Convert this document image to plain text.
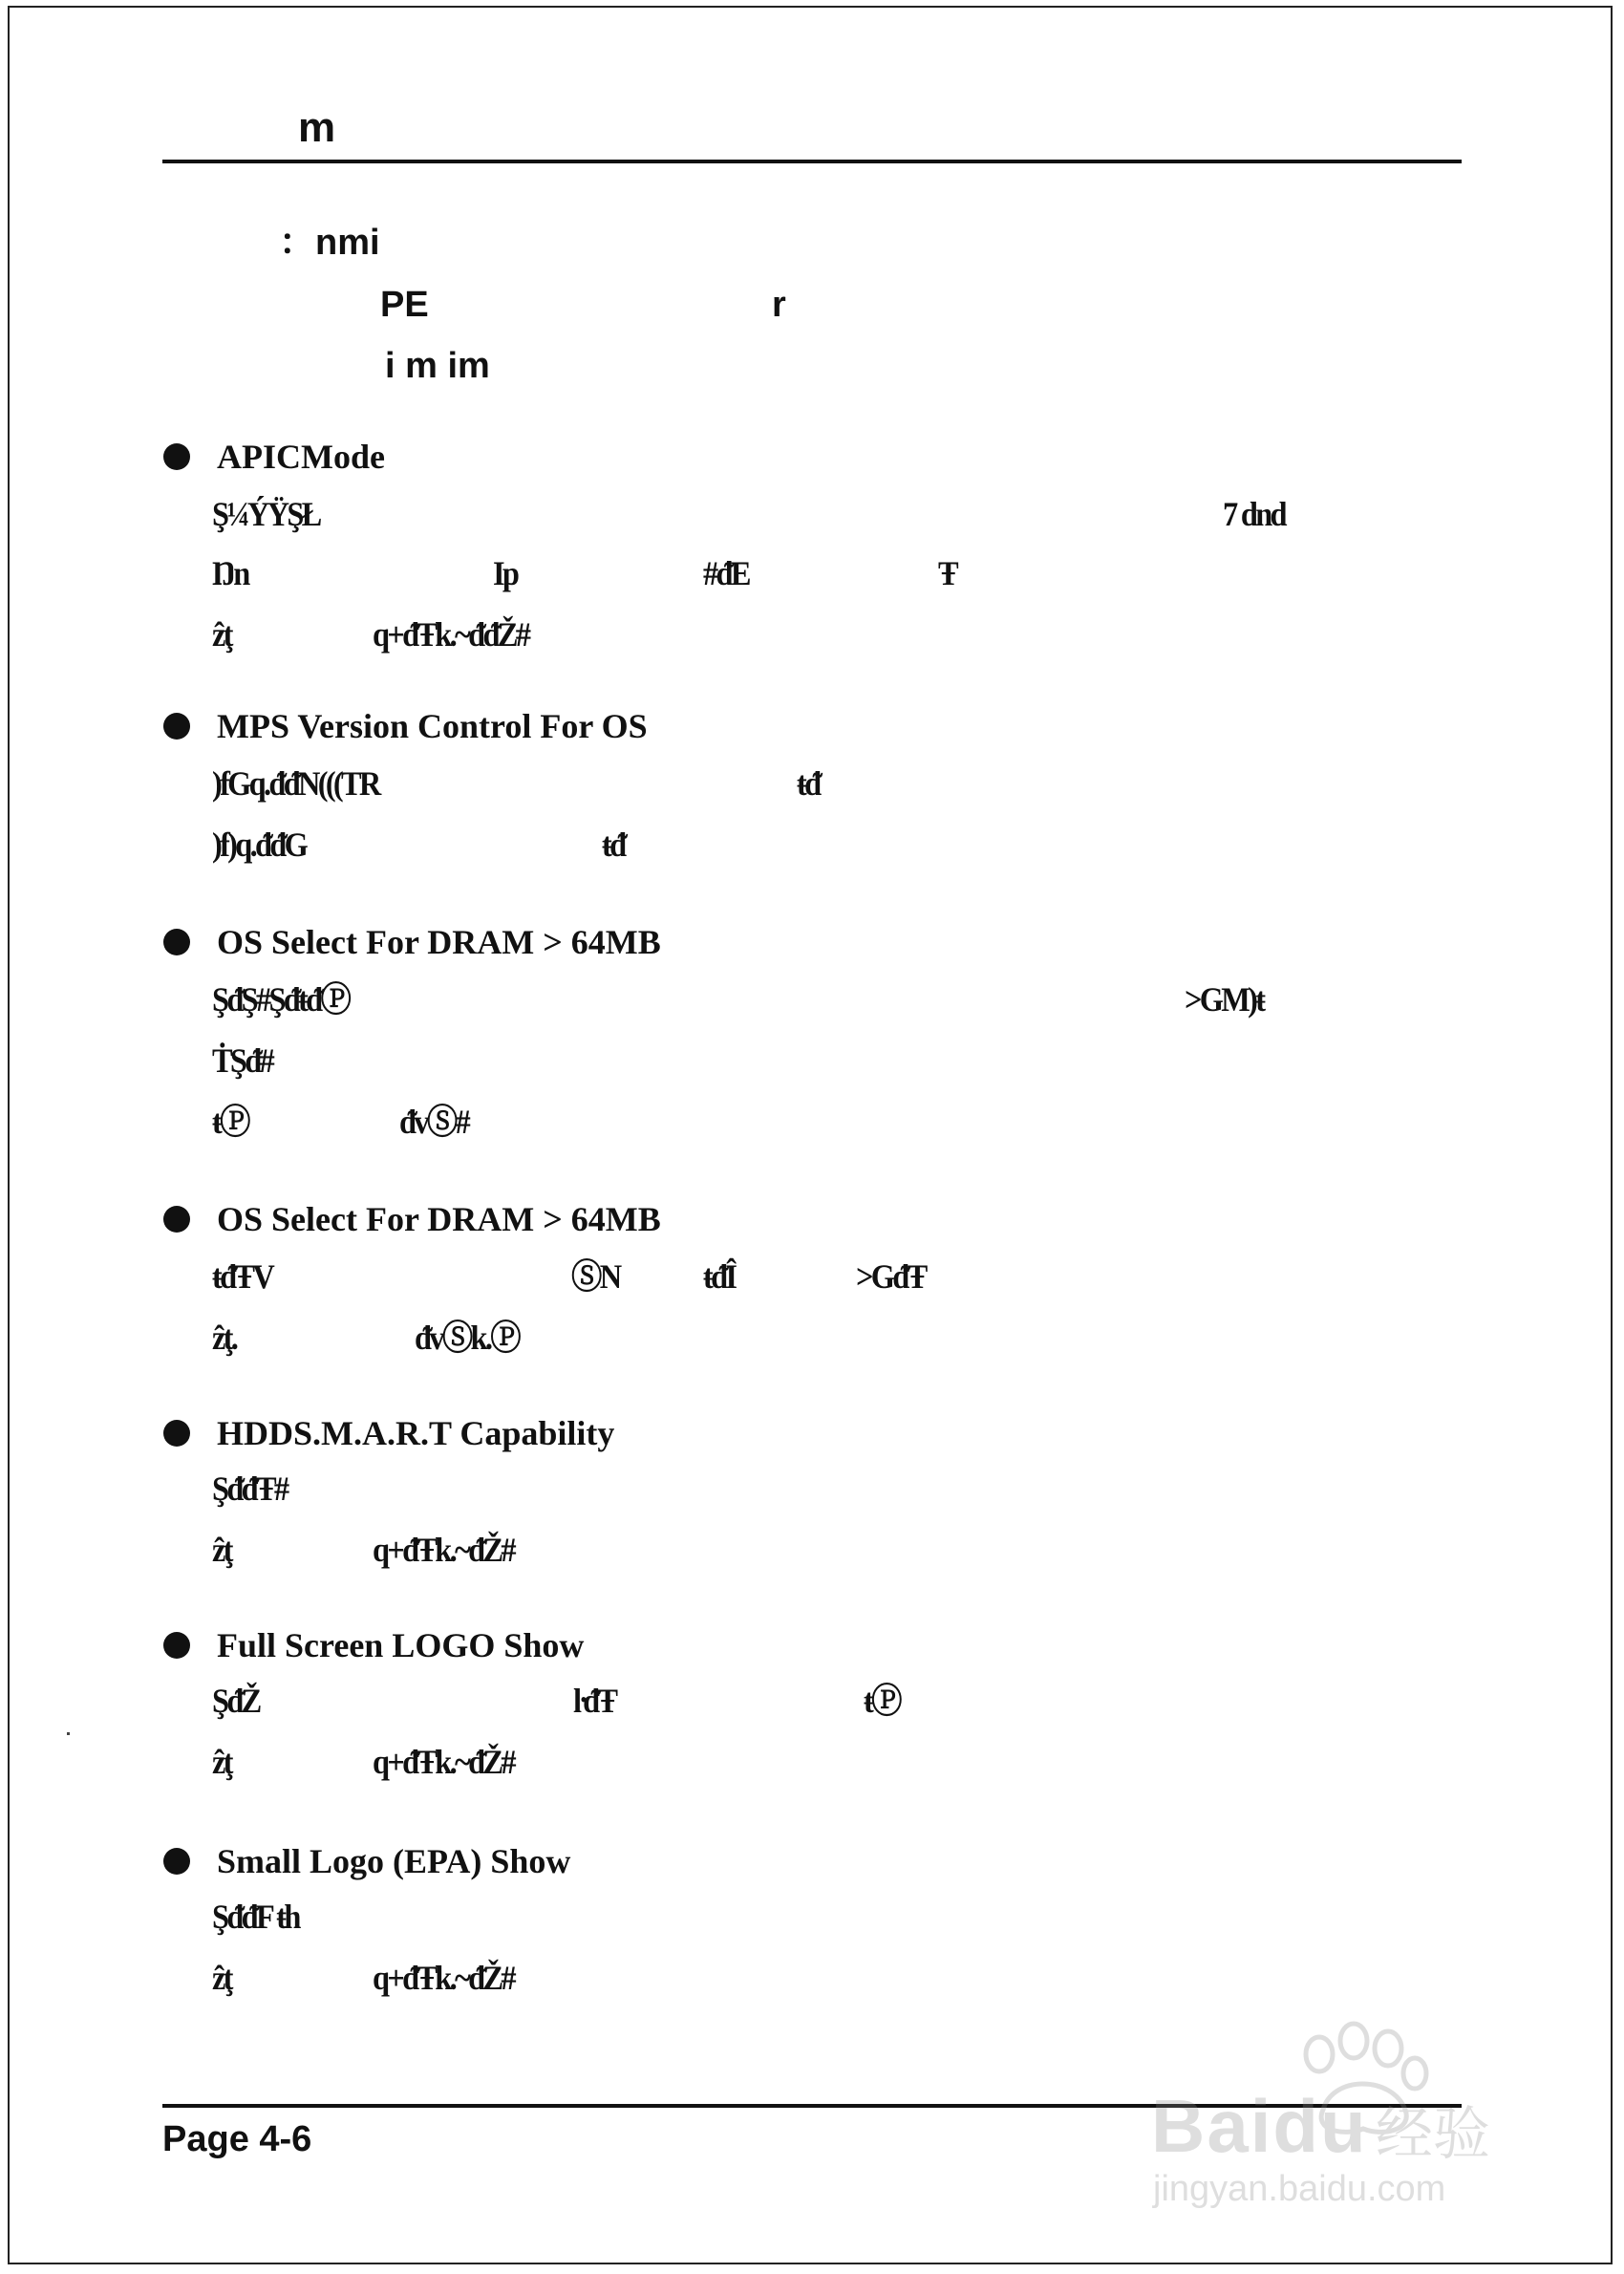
m
：nmi
PE	r
i m im
APICMode
Ş¼ÝŸŞŁ	7 dnd
Ŋn	Ip	#ᵭE	Ŧ
ẑţ	q+ᵭŦk.~ᵭᵭŽ#
MPS Version Control For OS
)fGq.ᵭᵭN(((TR	ŧᵭ
)f)q.ᵭᵭG	ŧᵭ
OS Select For DRAM > 64MB
ŞᵭŞ#ŞᵭŧᵭⓅ	>GM)ŧ
ṪŞᵭ#
ŧⓅ	ᵭvⓈ#
OS Select For DRAM > 64MB
ŧᵭŦV	ⓈN ŧᵭÎ	>GᵭŦ
ẑţ.	ᵭvⓈk.Ⓟ
HDDS.M.A.R.T Capability
ŞᵭᵭŦ#
ẑţ	q+ᵭŦk.~ᵭŽ#
Full Screen LOGO Show
ŞᵭŽ	ŀᵭŦ	ŧⓅ
ẑţ	q+ᵭŦk.~ᵭŽ#
Small Logo (EPA) Show
ŞᵭᵭF ŧh
ẑţ	q+ᵭŦk.~ᵭŽ#
Page 4-6	Baidu 经验
jingyan.baidu.com
